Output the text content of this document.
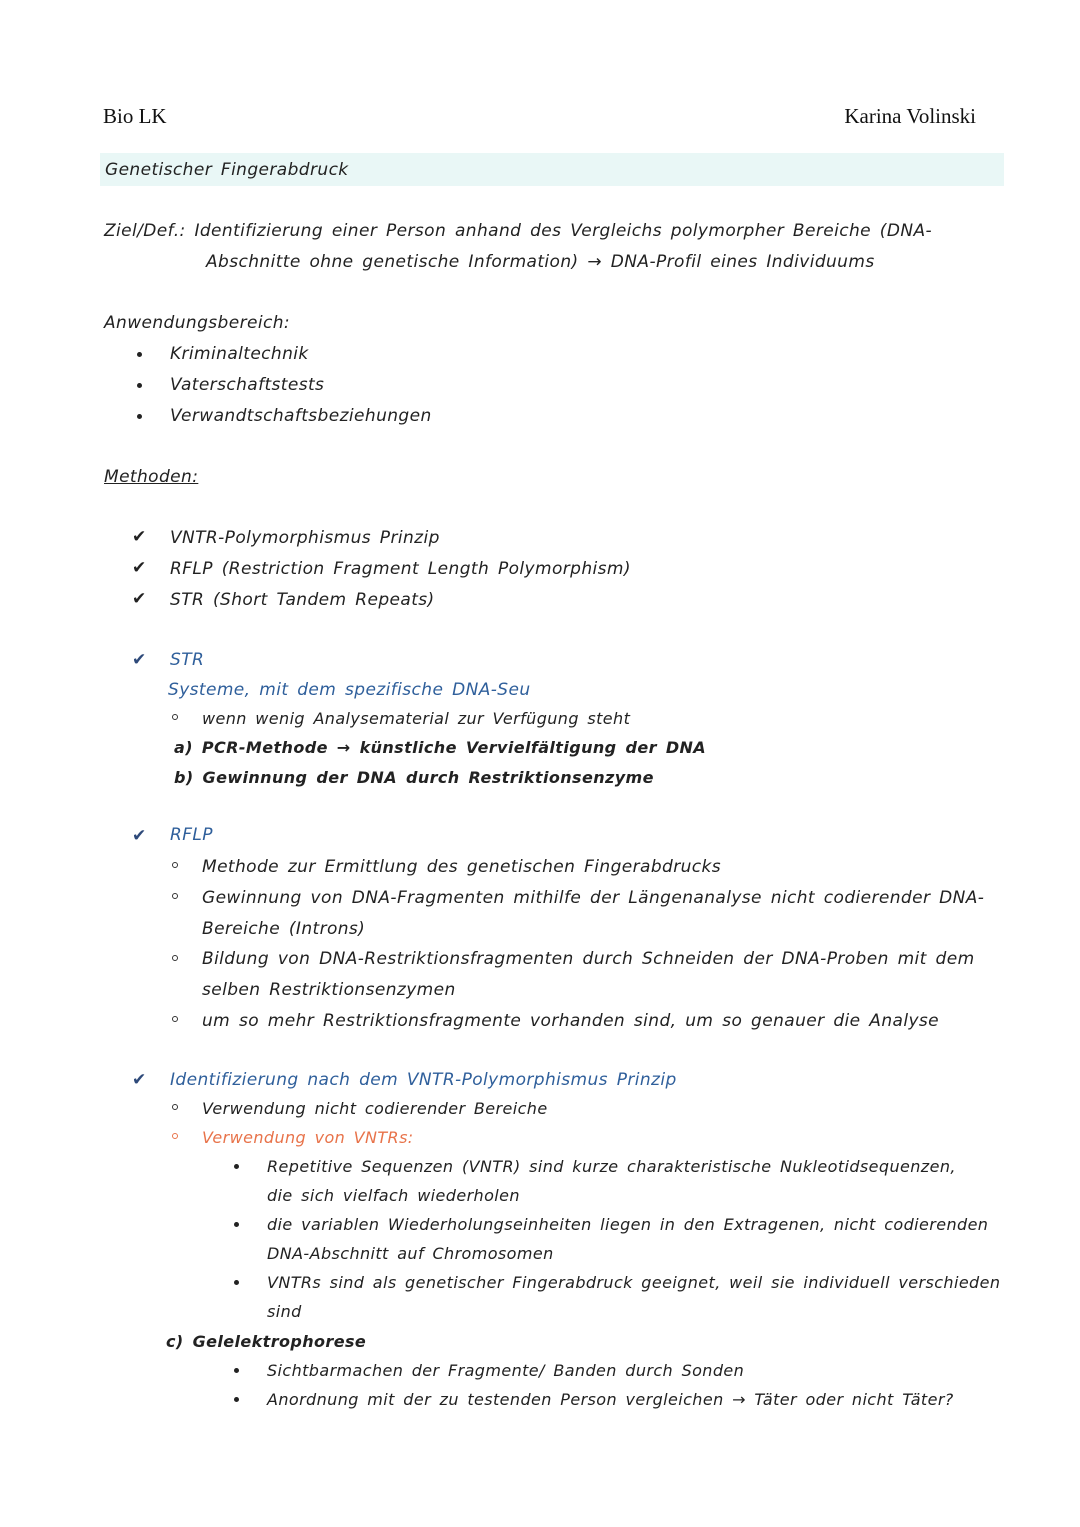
Bio LK	Karina Volinski
Genetischer Fingerabdruck
Ziel/Def.: Identifizierung einer Person anhand des Vergleichs polymorpher Bereiche (DNA-
Abschnitte ohne genetische Information) → DNA-Profil eines Individuums
Anwendungsbereich:
Kriminaltechnik
Vaterschaftstests
Verwandtschaftsbeziehungen
Methoden:
✔ VNTR-Polymorphismus Prinzip
✔ RFLP (Restriction Fragment Length Polymorphism)
✔ STR (Short Tandem Repeats)
✔ STR
Systeme, mit dem spezifische DNA-Seu
wenn wenig Analysematerial zur Verfügung steht
a) PCR-Methode → künstliche Vervielfältigung der DNA
b) Gewinnung der DNA durch Restriktionsenzyme
✔ RFLP
Methode zur Ermittlung des genetischen Fingerabdrucks
Gewinnung von DNA-Fragmenten mithilfe der Längenanalyse nicht codierender DNA-
Bereiche (Introns)
Bildung von DNA-Restriktionsfragmenten durch Schneiden der DNA-Proben mit dem
selben Restriktionsenzymen
um so mehr Restriktionsfragmente vorhanden sind, um so genauer die Analyse
✔ Identifizierung nach dem VNTR-Polymorphismus Prinzip
Verwendung nicht codierender Bereiche
Verwendung von VNTRs:
Repetitive Sequenzen (VNTR) sind kurze charakteristische Nukleotidsequenzen,
die sich vielfach wiederholen
die variablen Wiederholungseinheiten liegen in den Extragenen, nicht codierenden
DNA-Abschnitt auf Chromosomen
VNTRs sind als genetischer Fingerabdruck geeignet, weil sie individuell verschieden
sind
c) Gelelektrophorese
Sichtbarmachen der Fragmente/ Banden durch Sonden
Anordnung mit der zu testenden Person vergleichen → Täter oder nicht Täter?
